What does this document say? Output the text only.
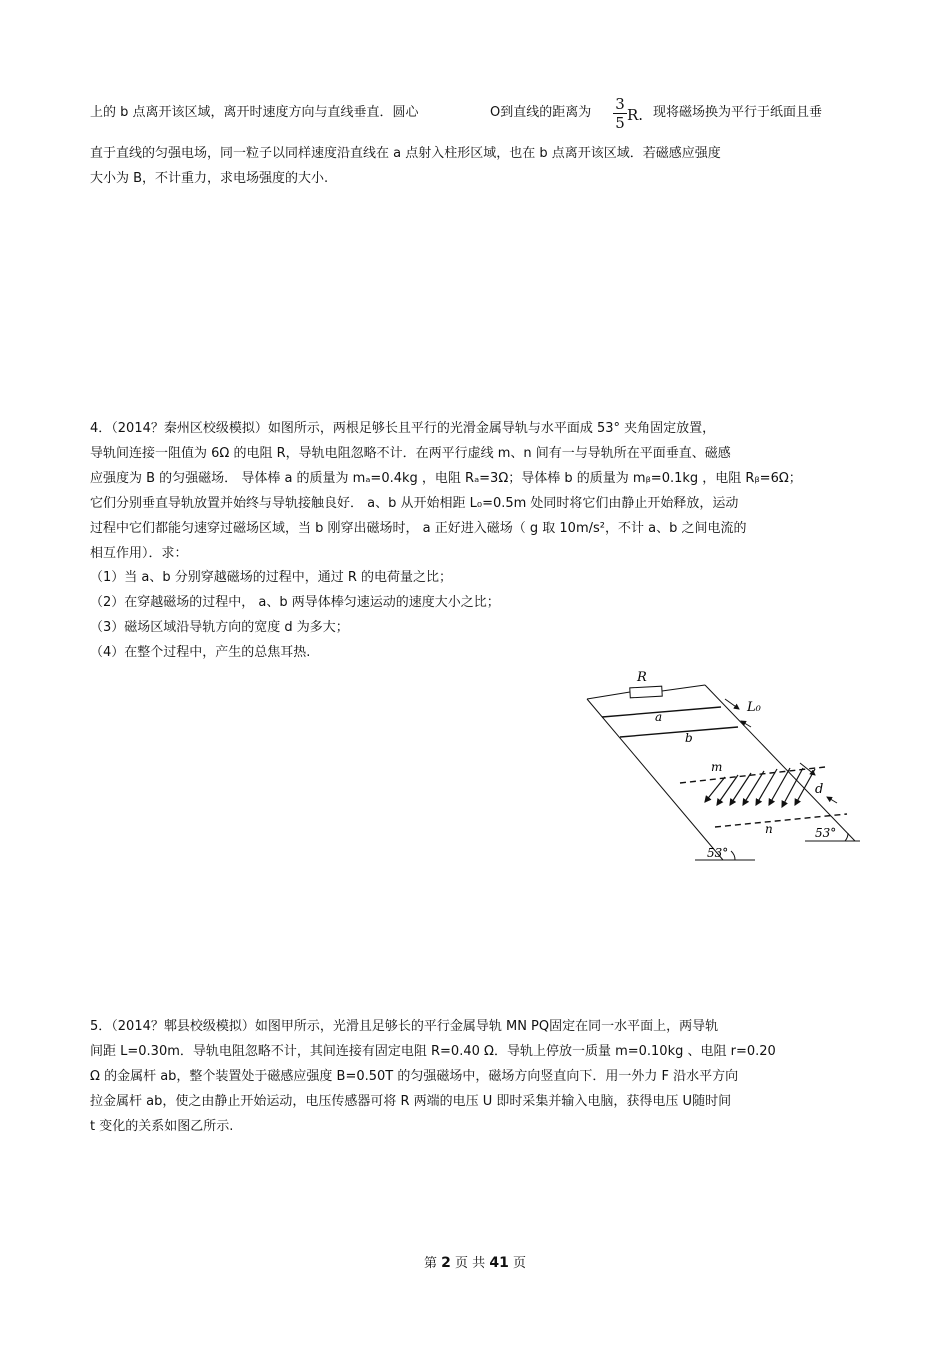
上的 b 点离开该区域，离开时速度方向与直线垂直．圆心	O到直线的距离为 3
5 R. 现将磁场换为平行于纸面且垂
直于直线的匀强电场，同一粒子以同样速度沿直线在 a 点射入柱形区域，也在 b 点离开该区域．若磁感应强度
大小为 B，不计重力，求电场强度的大小.
4．（2014？秦州区校级模拟）如图所示，两根足够长且平行的光滑金属导轨与水平面成 53° 夹角固定放置，
导轨间连接一阻值为 6Ω 的电阻 R，导轨电阻忽略不计．在两平行虚线 m、n 间有一与导轨所在平面垂直、磁感
应强度为 B 的匀强磁场． 导体棒 a 的质量为 mₐ=0.4kg ，电阻 Rₐ=3Ω；导体棒 b 的质量为 mᵦ=0.1kg ，电阻 Rᵦ=6Ω；
它们分别垂直导轨放置并始终与导轨接触良好． a、b 从开始相距 L₀=0.5m 处同时将它们由静止开始释放，运动
过程中它们都能匀速穿过磁场区域，当 b 刚穿出磁场时， a 正好进入磁场（ g 取 10m/s²，不计 a、b 之间电流的
相互作用）．求：
（1）当 a、b 分别穿越磁场的过程中，通过 R 的电荷量之比；
（2）在穿越磁场的过程中， a、b 两导体棒匀速运动的速度大小之比；
（3）磁场区域沿导轨方向的宽度 d 为多大；
（4）在整个过程中，产生的总焦耳热.
R
a
b
L₀
m
n
d
53°
53°
5．（2014？郫县校级模拟）如图甲所示，光滑且足够长的平行金属导轨 MN PQ固定在同一水平面上，两导轨
间距 L=0.30m．导轨电阻忽略不计，其间连接有固定电阻 R=0.40 Ω．导轨上停放一质量 m=0.10kg 、电阻 r=0.20
Ω 的金属杆 ab，整个装置处于磁感应强度 B=0.50T 的匀强磁场中，磁场方向竖直向下．用一外力 F 沿水平方向
拉金属杆 ab，使之由静止开始运动，电压传感器可将 R 两端的电压 U 即时采集并输入电脑，获得电压 U随时间
t 变化的关系如图乙所示.
第 2 页 共 41 页
